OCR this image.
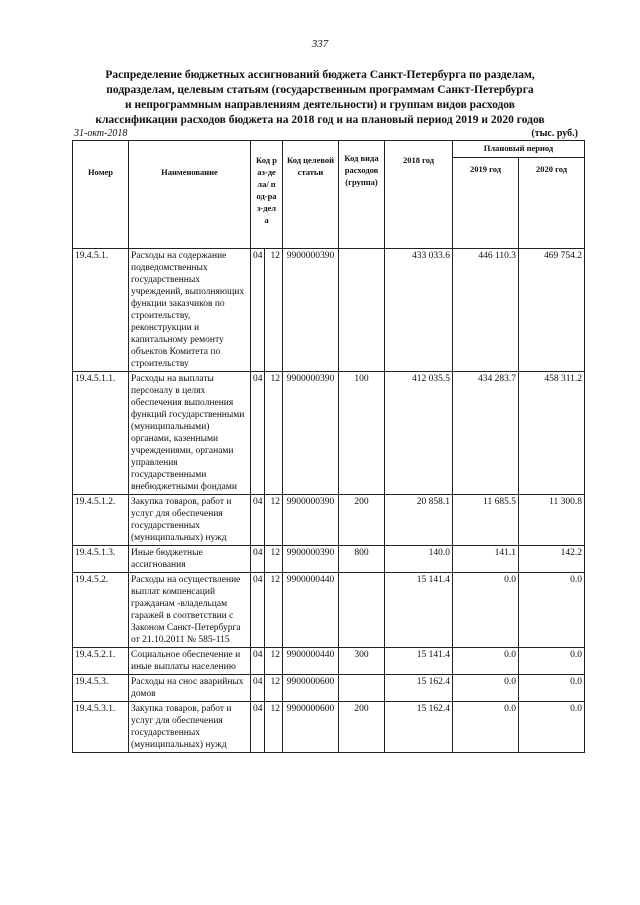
337
Распределение бюджетных ассигнований бюджета Санкт-Петербурга по разделам,
подразделам, целевым статьям (государственным программам Санкт-Петербурга
и непрограммным направлениям деятельности) и группам видов расходов
классификации расходов бюджета на 2018 год и на плановый период 2019 и 2020 годов
31-окт-2018	(тыс. руб.)
Номер	Наименование	Код раз-дела/ под-раз-дела		Код целевой статьи	Код вида расходов (группа)	2018 год	Плановый период	

							2019 год	2020 год

19.4.5.1.	Расходы на содержание подведомственных государственных учреждений, выполняющих функции заказчиков по строительству, реконструкции и капитальному ремонту объектов Комитета по строительству	04	12	9900000390		433 033.6	446 110.3	469 754.2
19.4.5.1.1.	Расходы на выплаты персоналу в целях обеспечения выполнения функций государственными (муниципальными) органами, казенными учреждениями, органами управления государственными внебюджетными фондами	04	12	9900000390	100	412 035.5	434 283.7	458 311.2
19.4.5.1.2.	Закупка товаров, работ и услуг для обеспечения государственных (муниципальных) нужд	04	12	9900000390	200	20 858.1	11 685.5	11 300.8
19.4.5.1.3.	Иные бюджетные ассигнования	04	12	9900000390	800	140.0	141.1	142.2
19.4.5.2.	Расходы на осуществление выплат компенсаций гражданам -владельцам гаражей в соответствии с Законом Санкт-Петербурга от 21.10.2011 № 585-115	04	12	9900000440		15 141.4	0.0	0.0
19.4.5.2.1.	Социальное обеспечение и иные выплаты населению	04	12	9900000440	300	15 141.4	0.0	0.0
19.4.5.3.	Расходы на снос аварийных домов	04	12	9900000600		15 162.4	0.0	0.0
19.4.5.3.1.	Закупка товаров, работ и услуг для обеспечения государственных (муниципальных) нужд	04	12	9900000600	200	15 162.4	0.0	0.0
